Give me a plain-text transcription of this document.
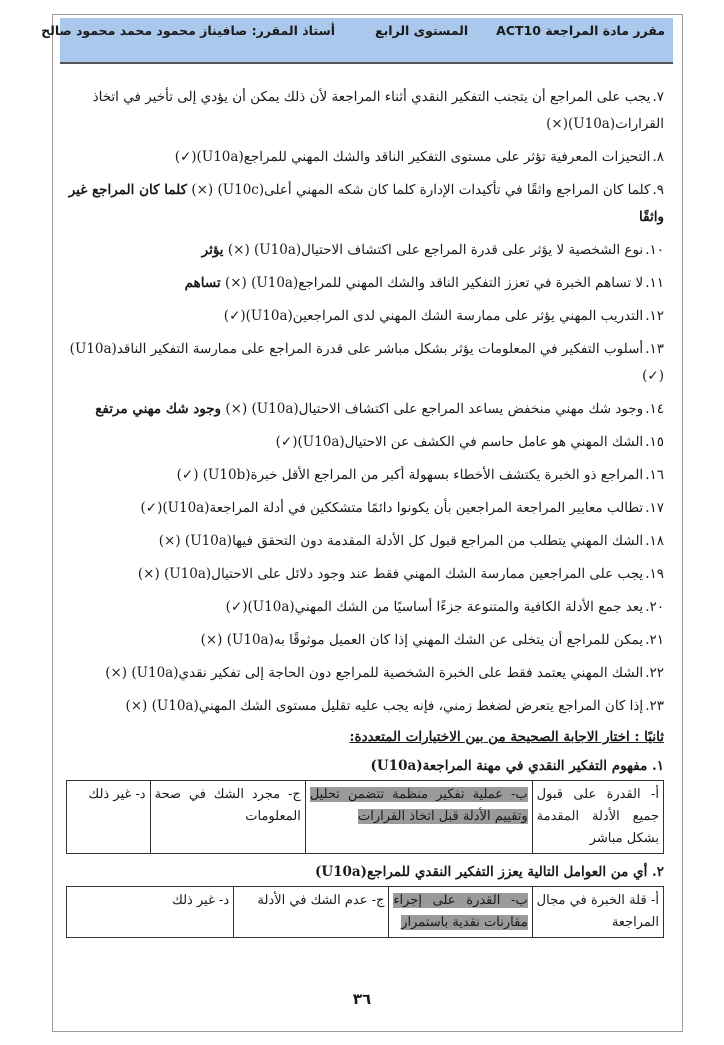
مقرر مادة المراجعة ACT10
المستوى الرابع
أستاذ المقرر: صافيناز محمود محمد محمود صالح
٧.يجب على المراجع أن يتجنب التفكير النقدي أثناء المراجعة لأن ذلك يمكن أن يؤدي إلى تأخير في اتخاذ القرارات(U10a)(×)
٨.التحيزات المعرفية تؤثر على مستوى التفكير الناقد والشك المهني للمراجع(U10a)(✓)
٩.كلما كان المراجع واثقًا في تأكيدات الإدارة كلما كان شكه المهني أعلى(U10c) (×) كلما كان المراجع غير واثقًا
١٠.نوع الشخصية لا يؤثر على قدرة المراجع على اكتشاف الاحتيال(U10a) (×) يؤثر
١١.لا تساهم الخبرة في تعزز التفكير الناقد والشك المهني للمراجع(U10a) (×) تساهم
١٢.التدريب المهني يؤثر على ممارسة الشك المهني لدى المراجعين(U10a)(✓)
١٣.أسلوب التفكير في المعلومات يؤثر بشكل مباشر على قدرة المراجع على ممارسة التفكير الناقد(U10a) (✓)
١٤.وجود شك مهني منخفض يساعد المراجع على اكتشاف الاحتيال(U10a) (×) وجود شك مهني مرتفع
١٥.الشك المهني هو عامل حاسم في الكشف عن الاحتيال(U10a)(✓)
١٦.المراجع ذو الخبرة يكتشف الأخطاء بسهولة أكبر من المراجع الأقل خبرة(U10b) (✓)
١٧.تطالب معايير المراجعة المراجعين بأن يكونوا دائمًا متشككين في أدلة المراجعة(U10a)(✓)
١٨.الشك المهني يتطلب من المراجع قبول كل الأدلة المقدمة دون التحقق فيها(U10a) (×)
١٩.يجب على المراجعين ممارسة الشك المهني فقط عند وجود دلائل على الاحتيال(U10a) (×)
٢٠.يعد جمع الأدلة الكافية والمتنوعة جزءًا أساسيًا من الشك المهني(U10a)(✓)
٢١.يمكن للمراجع أن يتخلى عن الشك المهني إذا كان العميل موثوقًا به(U10a) (×)
٢٢.الشك المهني يعتمد فقط على الخبرة الشخصية للمراجع دون الحاجة إلى تفكير نقدي(U10a) (×)
٢٣.إذا كان المراجع يتعرض لضغط زمني، فإنه يجب عليه تقليل مستوى الشك المهني(U10a) (×)
ثانيًا : اختار الاجابة الصحيحة من بين الاختيارات المتعددة:
١. مفهوم التفكير النقدي في مهنة المراجعة(U10a)
أ- القدرة على قبول جميع الأدلة المقدمة بشكل مباشر	ب- عملية تفكير منظمة تتضمن تحليل وتقييم الأدلة قبل اتخاذ القرارات	ج- مجرد الشك في صحة المعلومات	د- غير ذلك
٢. أي من العوامل التالية يعزز التفكير النقدي للمراجع(U10a)
أ- قلة الخبرة في مجال المراجعة	ب- القدرة على إجراء مقارنات نقدية باستمرار	ج- عدم الشك في الأدلة	د- غير ذلك
٣٦
